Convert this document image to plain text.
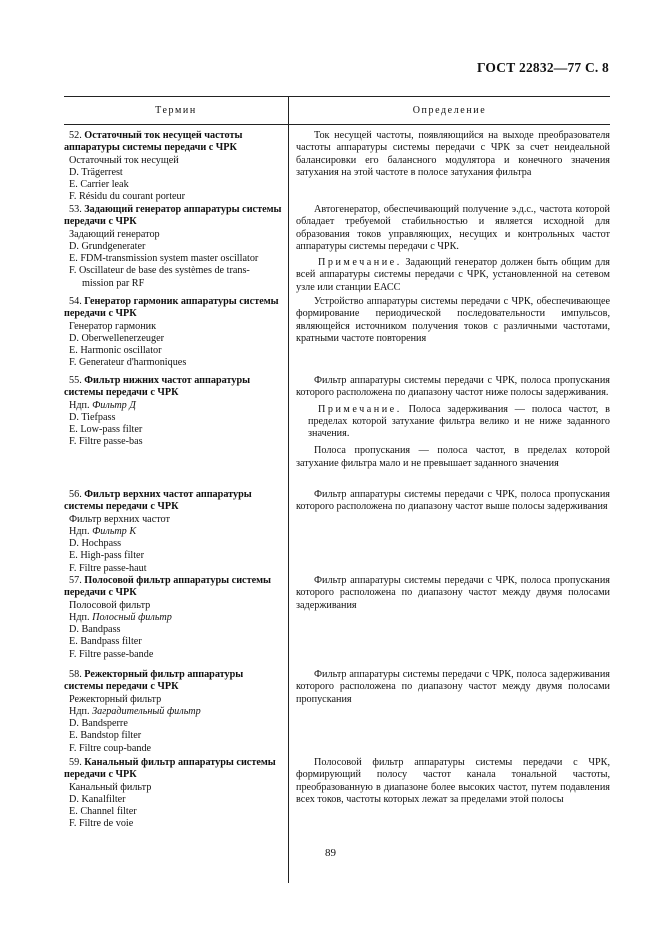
ГОСТ 22832—77 С. 8
Термин	Определение
52. Остаточный ток несущей частоты аппаратуры системы передачи с ЧРК
Остаточный ток несущей
D. Trägerrest
E. Carrier leak
F. Résidu du courant porteur

Ток несущей частоты, появляющийся на выходе преобразователя частоты аппаратуры системы передачи с ЧРК за счет неидеальной балансировки его балансного модулятора и конечного значения затухания на этой частоте в полосе затухания фильтра

53. Задающий генератор аппаратуры системы передачи с ЧРК
Задающий генератор
D. Grundgenerater
E. FDM-transmission system master oscillator
F. Oscillateur de base des systèmes de trans-
mission par RF

Автогенератор, обеспечивающий получение э.д.с., частота которой обладает требуемой стабильностью и является исходной для образования токов управляющих, несущих и контрольных частот аппаратуры системы передачи с ЧРК.

Примечание. Задающий генератор должен быть общим для всей аппаратуры системы передачи с ЧРК, установленной на сетевом узле или станции ЕАСС

54. Генератор гармоник аппаратуры системы передачи с ЧРК
Генератор гармоник
D. Oberwellenerzeuger
E. Harmonic oscillator
F. Generateur d'harmoniques

Устройство аппаратуры системы передачи с ЧРК, обеспечивающее формирование периодической последовательности импульсов, являющейся источником получения токов с различными частотами, кратными частоте повторения

55. Фильтр нижних частот аппаратуры системы передачи с ЧРК
Ндп. Фильтр Д
D. Tiefpass
E. Low-pass filter
F. Filtre passe-bas

Фильтр аппаратуры системы передачи с ЧРК, полоса пропускания которого расположена по диапазону частот ниже полосы задерживания.

Примечание. Полоса задерживания — полоса частот, в пределах которой затухание фильтра велико и не ниже заданного значения.

Полоса пропускания — полоса частот, в пределах которой затухание фильтра мало и не превышает заданного значения

56. Фильтр верхних частот аппаратуры системы передачи с ЧРК
Фильтр верхних частот
Ндп. Фильтр К
D. Hochpass
E. High-pass filter
F. Filtre passe-haut

Фильтр аппаратуры системы передачи с ЧРК, полоса пропускания которого расположена по диапазону частот выше полосы задерживания

57. Полосовой фильтр аппаратуры системы передачи с ЧРК
Полосовой фильтр
Ндп. Полосный фильтр
D. Bandpass
E. Bandpass filter
F. Filtre passe-bande

Фильтр аппаратуры системы передачи с ЧРК, полоса пропускания которого расположена по диапазону частот между двумя полосами задерживания

58. Режекторный фильтр аппаратуры системы передачи с ЧРК
Режекторный фильтр
Ндп. Заградительный фильтр
D. Bandsperre
E. Bandstop filter
F. Filtre coup-bande

Фильтр аппаратуры системы передачи с ЧРК, полоса задерживания которого расположена по диапазону частот между двумя полосами пропускания

59. Канальный фильтр аппаратуры системы передачи с ЧРК
Канальный фильтр
D. Kanalfilter
E. Channel filter
F. Filtre de voie

Полосовой фильтр аппаратуры системы передачи с ЧРК, формирующий полосу частот канала тональной частоты, преобразованную в диапазоне более высоких частот, путем подавления всех токов, частоты которых лежат за пределами этой полосы

89
